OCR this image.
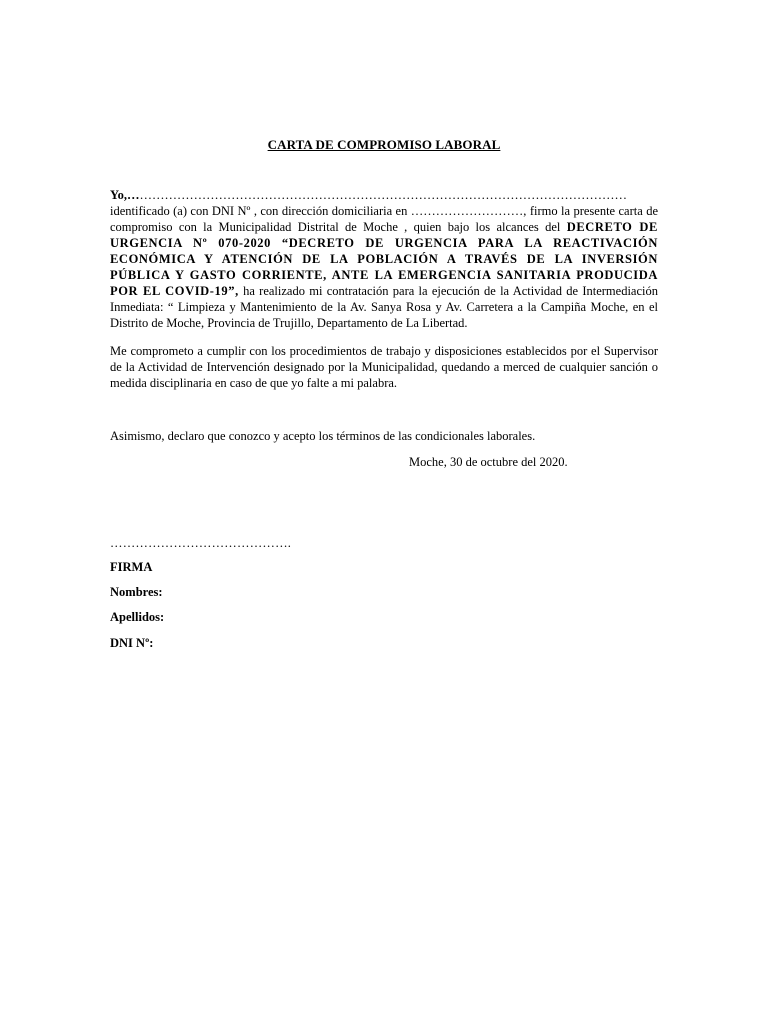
CARTA DE COMPROMISO LABORAL
Yo,………………………………………………………………………………………………………… identificado (a) con DNI Nº , con dirección domiciliaria en ………………………, firmo la presente carta de compromiso con la Municipalidad Distrital de Moche , quien bajo los alcances del DECRETO DE URGENCIA Nº 070-2020 “DECRETO DE URGENCIA PARA LA REACTIVACIÓN ECONÓMICA Y ATENCIÓN DE LA POBLACIÓN A TRAVÉS DE LA INVERSIÓN PÚBLICA Y GASTO CORRIENTE, ANTE LA EMERGENCIA SANITARIA PRODUCIDA POR EL COVID-19”, ha realizado mi contratación para la ejecución de la Actividad de Intermediación Inmediata: “ Limpieza y Mantenimiento de la Av. Sanya Rosa y Av. Carretera a la Campiña Moche, en el Distrito de Moche, Provincia de Trujillo, Departamento de La Libertad.
Me comprometo a cumplir con los procedimientos de trabajo y disposiciones establecidos por el Supervisor de la Actividad de Intervención designado por la Municipalidad, quedando a merced de cualquier sanción o medida disciplinaria en caso de que yo falte a mi palabra.
Asimismo, declaro que conozco y acepto los términos de las condicionales laborales.
Moche, 30 de octubre del 2020.
…………………………………….
FIRMA
Nombres:
Apellidos:
DNI Nº:
